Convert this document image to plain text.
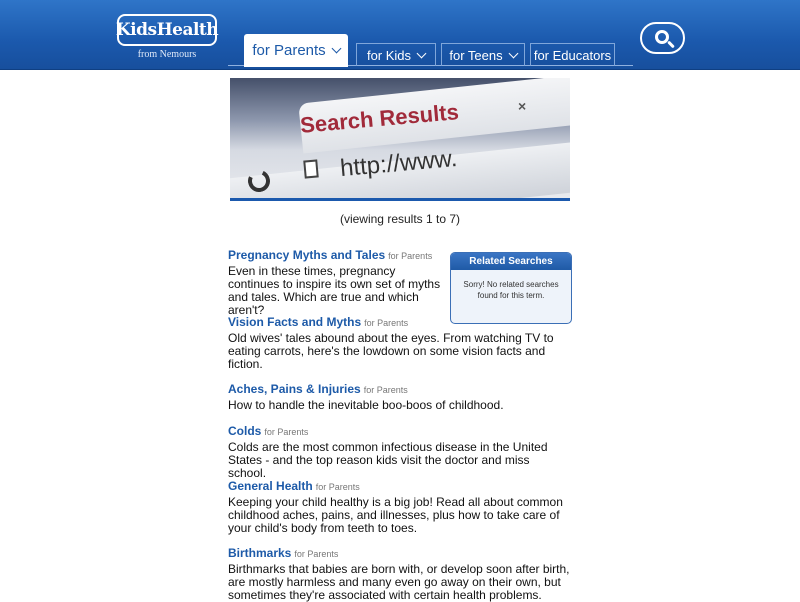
KidsHealth
from Nemours	for Parents	for Kids	for Teens for Educators
Search Results	×
http://www.
(viewing results 1 to 7)
Related Searches
Sorry! No related searches found for this term.
Pregnancy Myths and Tales for Parents
Even in these times, pregnancy continues to inspire its own set of myths and tales. Which are true and which aren't?
Vision Facts and Myths for Parents
Old wives' tales abound about the eyes. From watching TV to eating carrots, here's the lowdown on some vision facts and fiction.
Aches, Pains & Injuries for Parents
How to handle the inevitable boo-boos of childhood.
Colds for Parents
Colds are the most common infectious disease in the United States - and the top reason kids visit the doctor and miss school.
General Health for Parents
Keeping your child healthy is a big job! Read all about common childhood aches, pains, and illnesses, plus how to take care of your child's body from teeth to toes.
Birthmarks for Parents
Birthmarks that babies are born with, or develop soon after birth, are mostly harmless and many even go away on their own, but sometimes they're associated with certain health problems.
